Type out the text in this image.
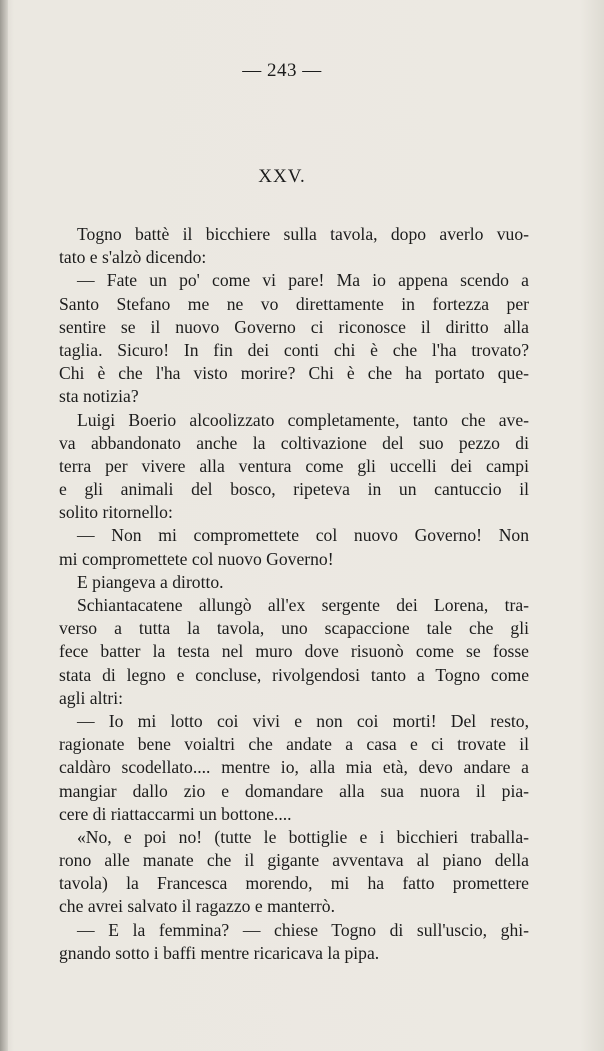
— 243 —
XXV.
Togno battè il bicchiere sulla tavola, dopo averlo vuo-
tato e s'alzò dicendo:
— Fate un po' come vi pare! Ma io appena scendo a
Santo Stefano me ne vo direttamente in fortezza per
sentire se il nuovo Governo ci riconosce il diritto alla
taglia. Sicuro! In fin dei conti chi è che l'ha trovato?
Chi è che l'ha visto morire? Chi è che ha portato que-
sta notizia?
Luigi Boerio alcoolizzato completamente, tanto che ave-
va abbandonato anche la coltivazione del suo pezzo di
terra per vivere alla ventura come gli uccelli dei campi
e gli animali del bosco, ripeteva in un cantuccio il
solito ritornello:
— Non mi compromettete col nuovo Governo! Non
mi compromettete col nuovo Governo!
E piangeva a dirotto.
Schiantacatene allungò all'ex sergente dei Lorena, tra-
verso a tutta la tavola, uno scapaccione tale che gli
fece batter la testa nel muro dove risuonò come se fosse
stata di legno e concluse, rivolgendosi tanto a Togno come
agli altri:
— Io mi lotto coi vivi e non coi morti! Del resto,
ragionate bene voialtri che andate a casa e ci trovate il
caldàro scodellato.... mentre io, alla mia età, devo andare a
mangiar dallo zio e domandare alla sua nuora il pia-
cere di riattaccarmi un bottone....
«No, e poi no! (tutte le bottiglie e i bicchieri traballa-
rono alle manate che il gigante avventava al piano della
tavola) la Francesca morendo, mi ha fatto promettere
che avrei salvato il ragazzo e manterrò.
— E la femmina? — chiese Togno di sull'uscio, ghi-
gnando sotto i baffi mentre ricaricava la pipa.
